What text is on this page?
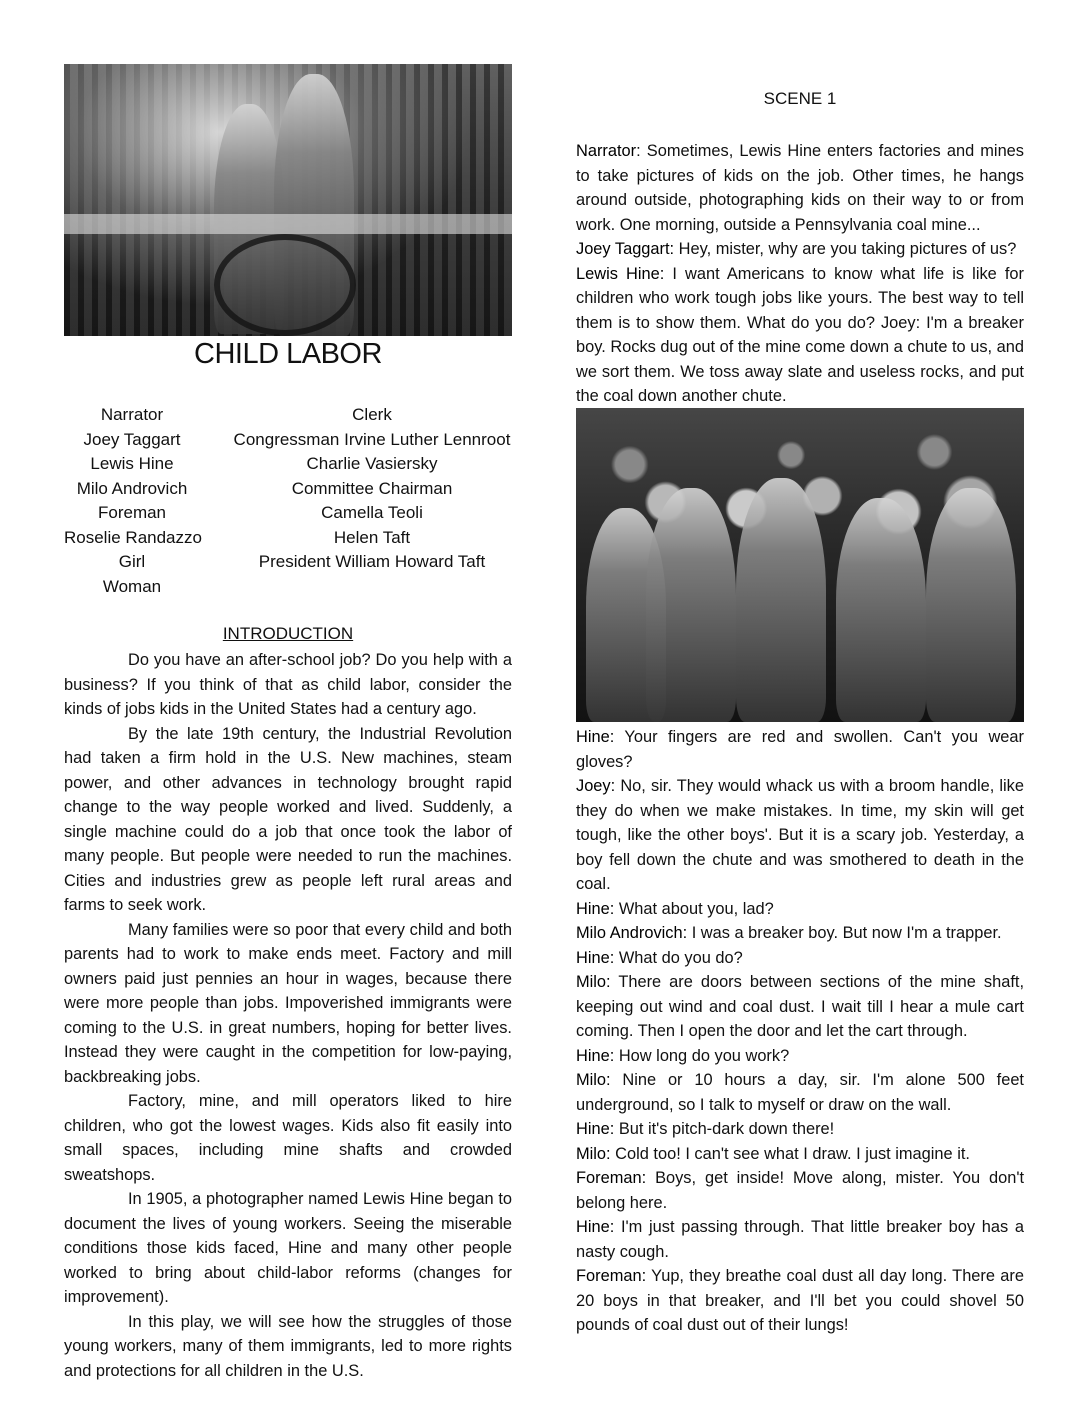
CHILD LABOR
Narrator
Joey Taggart
Lewis Hine
Milo Androvich
Foreman
Roselie Randazzo
Girl
Woman
Clerk
Congressman Irvine Luther Lennroot
Charlie Vasiersky
Committee Chairman
Camella Teoli
Helen Taft
President William Howard Taft
INTRODUCTION

Do you have an after-school job? Do you help with a business? If you think of that as child labor, consider the kinds of jobs kids in the United States had a century ago.

By the late 19th century, the Industrial Revolution had taken a firm hold in the U.S. New machines, steam power, and other advances in technology brought rapid change to the way people worked and lived. Suddenly, a single machine could do a job that once took the labor of many people. But people were needed to run the machines. Cities and industries grew as people left rural areas and farms to seek work.

Many families were so poor that every child and both parents had to work to make ends meet. Factory and mill owners paid just pennies an hour in wages, because there were more people than jobs. Impoverished immigrants were coming to the U.S. in great numbers, hoping for better lives. Instead they were caught in the competition for low-paying, backbreaking jobs.

Factory, mine, and mill operators liked to hire children, who got the lowest wages. Kids also fit easily into small spaces, including mine shafts and crowded sweatshops.

In 1905, a photographer named Lewis Hine began to document the lives of young workers. Seeing the miserable conditions those kids faced, Hine and many other people worked to bring about child-labor reforms (changes for improvement).

In this play, we will see how the struggles of those young workers, many of them immigrants, led to more rights and protections for all children in the U.S.

SCENE 1

Narrator: Sometimes, Lewis Hine enters factories and mines to take pictures of kids on the job. Other times, he hangs around outside, photographing kids on their way to or from work. One morning, outside a Pennsylvania coal mine...

Joey Taggart: Hey, mister, why are you taking pictures of us?

Lewis Hine: I want Americans to know what life is like for children who work tough jobs like yours. The best way to tell them is to show them. What do you do? Joey: I'm a breaker boy. Rocks dug out of the mine come down a chute to us, and we sort them. We toss away slate and useless rocks, and put the coal down another chute.

Hine: Your fingers are red and swollen. Can't you wear gloves?

Joey: No, sir. They would whack us with a broom handle, like they do when we make mistakes. In time, my skin will get tough, like the other boys'. But it is a scary job. Yesterday, a boy fell down the chute and was smothered to death in the coal.

Hine: What about you, lad?

Milo Androvich: I was a breaker boy. But now I'm a trapper.

Hine: What do you do?

Milo: There are doors between sections of the mine shaft, keeping out wind and coal dust. I wait till I hear a mule cart coming. Then I open the door and let the cart through.

Hine: How long do you work?

Milo: Nine or 10 hours a day, sir. I'm alone 500 feet underground, so I talk to myself or draw on the wall.

Hine: But it's pitch-dark down there!

Milo: Cold too! I can't see what I draw. I just imagine it.

Foreman: Boys, get inside! Move along, mister. You don't belong here.

Hine: I'm just passing through. That little breaker boy has a nasty cough.

Foreman: Yup, they breathe coal dust all day long. There are 20 boys in that breaker, and I'll bet you could shovel 50 pounds of coal dust out of their lungs!
